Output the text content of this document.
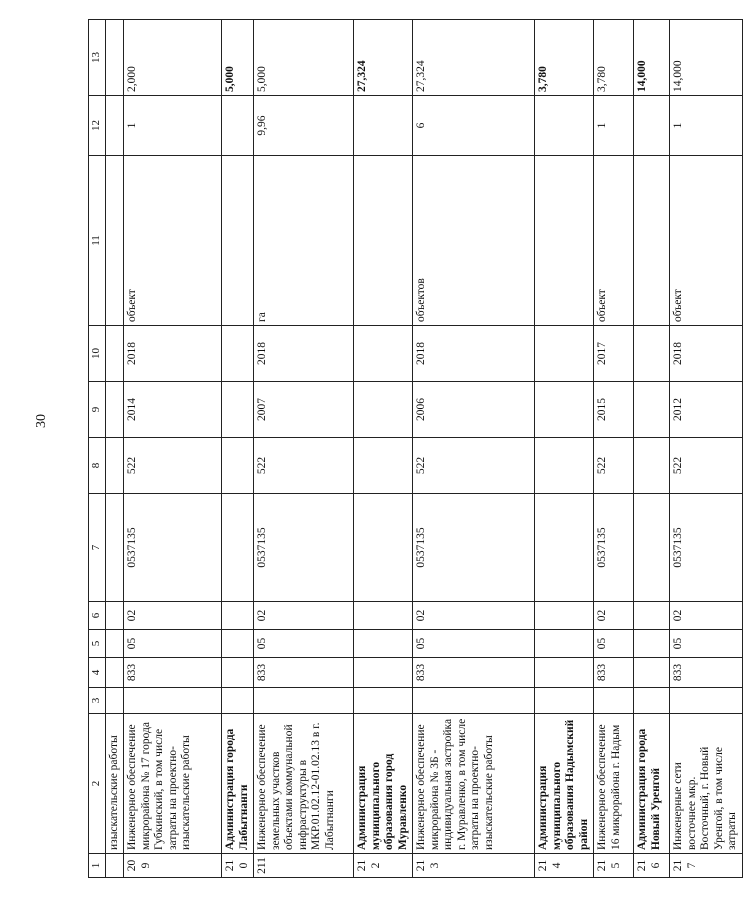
30
1	2	3	4	5	6	7	8	9	10	11	12	13
	изыскательские работы											
209	Инженерное обеспечение микрорайона № 17 города Губкинский, в том числе затраты на проектно-изыскательские работы		833	05	02	0537135	522	2014	2018	объект	1	2,000
210	Администрация города Лабытнанги											5,000
211	Инженерное обеспечение земельных участков объектами коммунальной инфраструктуры в МКР.01.02.12-01.02.13 в г. Лабытнанги		833	05	02	0537135	522	2007	2018	га	9,96	5,000
212	Администрация муниципального образования город Муравленко											27,324
213	Инженерное обеспечение микрорайона № 3Б - индивидуальная застройка г. Муравленко, в том числе затраты на проектно-изыскательские работы		833	05	02	0537135	522	2006	2018	объектов	6	27,324
214	Администрация муниципального образования Надымский район											3,780
215	Инженерное обеспечение 16 микрорайона г. Надым		833	05	02	0537135	522	2015	2017	объект	1	3,780
216	Администрация города Новый Уренгой											14,000
217	Инженерные сети восточнее мкр. Восточный, г. Новый Уренгой, в том числе затраты		833	05	02	0537135	522	2012	2018	объект	1	14,000
